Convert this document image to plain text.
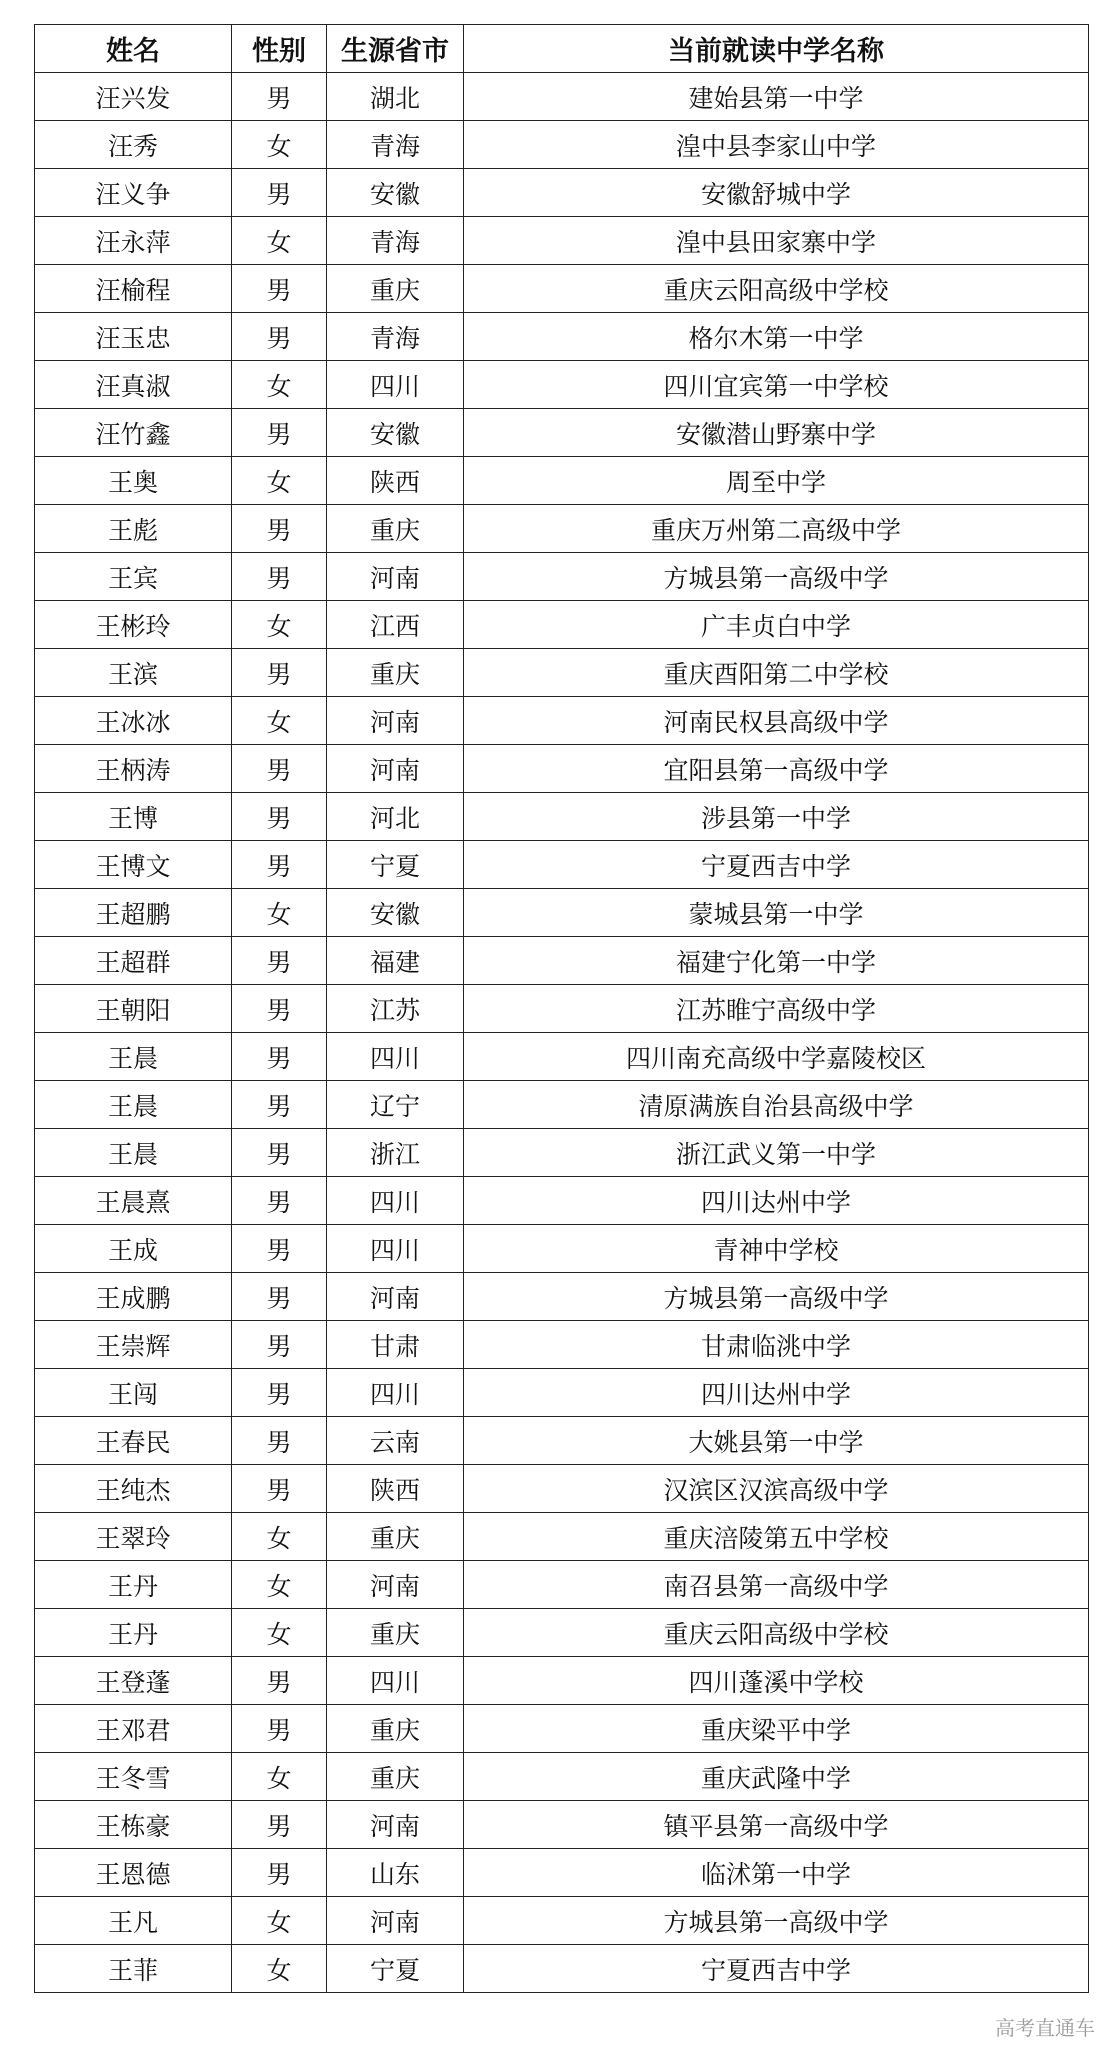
姓名	性别	生源省市	当前就读中学名称
汪兴发	男	湖北	建始县第一中学
汪秀	女	青海	湟中县李家山中学
汪义争	男	安徽	安徽舒城中学
汪永萍	女	青海	湟中县田家寨中学
汪榆程	男	重庆	重庆云阳高级中学校
汪玉忠	男	青海	格尔木第一中学
汪真淑	女	四川	四川宜宾第一中学校
汪竹鑫	男	安徽	安徽潜山野寨中学
王奥	女	陕西	周至中学
王彪	男	重庆	重庆万州第二高级中学
王宾	男	河南	方城县第一高级中学
王彬玲	女	江西	广丰贞白中学
王滨	男	重庆	重庆酉阳第二中学校
王冰冰	女	河南	河南民权县高级中学
王柄涛	男	河南	宜阳县第一高级中学
王博	男	河北	涉县第一中学
王博文	男	宁夏	宁夏西吉中学
王超鹏	女	安徽	蒙城县第一中学
王超群	男	福建	福建宁化第一中学
王朝阳	男	江苏	江苏睢宁高级中学
王晨	男	四川	四川南充高级中学嘉陵校区
王晨	男	辽宁	清原满族自治县高级中学
王晨	男	浙江	浙江武义第一中学
王晨熹	男	四川	四川达州中学
王成	男	四川	青神中学校
王成鹏	男	河南	方城县第一高级中学
王崇辉	男	甘肃	甘肃临洮中学
王闯	男	四川	四川达州中学
王春民	男	云南	大姚县第一中学
王纯杰	男	陕西	汉滨区汉滨高级中学
王翠玲	女	重庆	重庆涪陵第五中学校
王丹	女	河南	南召县第一高级中学
王丹	女	重庆	重庆云阳高级中学校
王登蓬	男	四川	四川蓬溪中学校
王邓君	男	重庆	重庆梁平中学
王冬雪	女	重庆	重庆武隆中学
王栋豪	男	河南	镇平县第一高级中学
王恩德	男	山东	临沭第一中学
王凡	女	河南	方城县第一高级中学
王菲	女	宁夏	宁夏西吉中学
高考直通车
